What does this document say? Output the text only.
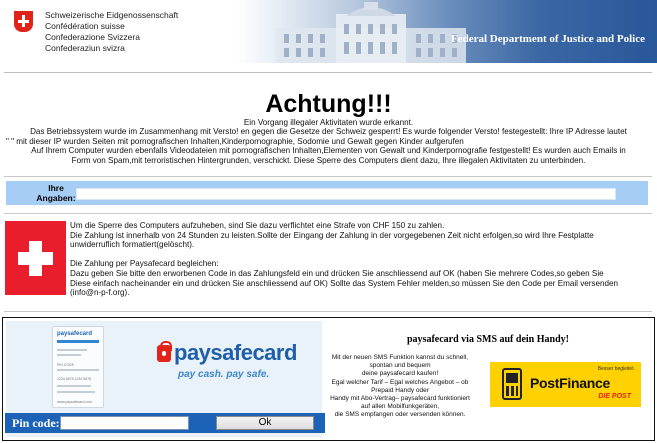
Schweizerische Eidgenossenschaft
Confédération suisse
Confederazione Svizzera
Confederaziun svizra
Federal Department of Justice and Police
Achtung!!!
Ein Vorgang illegaler Aktivitaten wurde erkannt.
Das Betriebssystem wurde im Zusammenhang mit Versto! en gegen die Gesetze der Schweiz gesperrt! Es wurde folgender Versto! festegestellt: Ihre IP Adresse lautet
" " mit dieser IP wurden Seiten mit pornografischen Inhalten,Kinderpornographie, Sodomie und Gewalt gegen Kinder aufgerufen
Auf Ihrem Computer wurden ebenfalls Videodateien mit pornografischen Inhalten,Elementen von Gewalt und Kinderpornografie festgestellt! Es wurden auch Emails in
Form von Spam,mit terroristischen Hintergrunden, verschickt. Diese Sperre des Computers dient dazu, Ihre illegalen Aktivitaten zu unterbinden.
Ihre Angaben:
Um die Sperre des Computers aufzuheben, sind Sie dazu verflichtet eine Strafe von CHF 150 zu zahlen.
Die Zahlung ist innerhalb von 24 Stunden zu leisten.Sollte der Eingang der Zahlung in der vorgegebenen Zeit nicht erfolgen,so wird Ihre Festplatte
unwiderruflich formatiert(gelöscht).
Die Zahlung per Paysafecard begleichen:
Dazu geben Sie bitte den erworbenen Code in das Zahlungsfeld ein und drücken Sie anschliessend auf OK (haben Sie mehrere Codes,so geben Sie
Diese einfach nacheinander ein und drücken Sie anschliessend auf OK) Sollte das System Fehler melden,so müssen Sie den Code per Email versenden
(info@n-p-f.org).
paysafecard
PIN CODE
1234 5678 1234 5678
www.paysafecard.com
paysafecard
pay cash. pay safe.
Pin code:	Ok
paysafecard via SMS auf dein Handy!
Mit der neuen SMS Funktion kannst du schnell,
spontan und bequem
deine paysafecard kaufen!
Egal welcher Tarif – Egal welches Angebot – ob
Prepaid Handy oder
Handy mit Abo-Vertrag– paysafecard funktioniert
auf allen Mobilfunkgeräten,
die SMS empfangen oder versenden können.
Besser begleitet.
PostFinance
DIE POST
